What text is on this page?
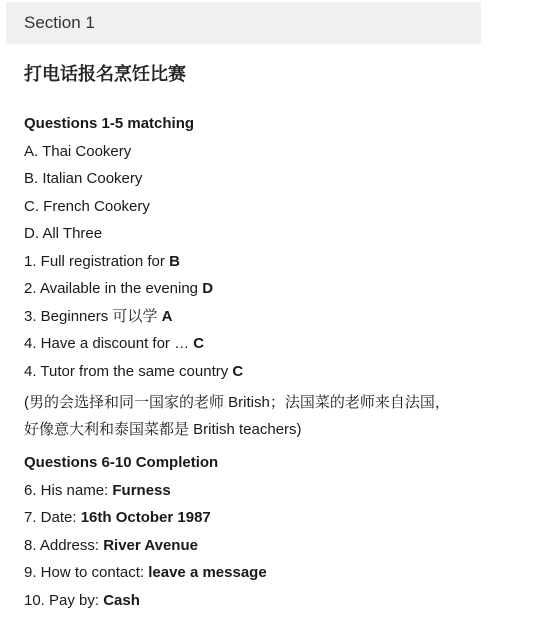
Section 1
打电话报名烹饪比赛
Questions 1-5 matching
A. Thai Cookery
B. Italian Cookery
C. French Cookery
D. All Three
1. Full registration for B
2. Available in the evening D
3. Beginners 可以学 A
4. Have a discount for … C
4. Tutor from the same country C
(男的会选择和同一国家的老师 British；法国菜的老师来自法国，好像意大利和泰国菜都是 British teachers)
Questions 6-10 Completion
6. His name: Furness
7. Date: 16th October 1987
8. Address: River Avenue
9. How to contact: leave a message
10. Pay by: Cash
